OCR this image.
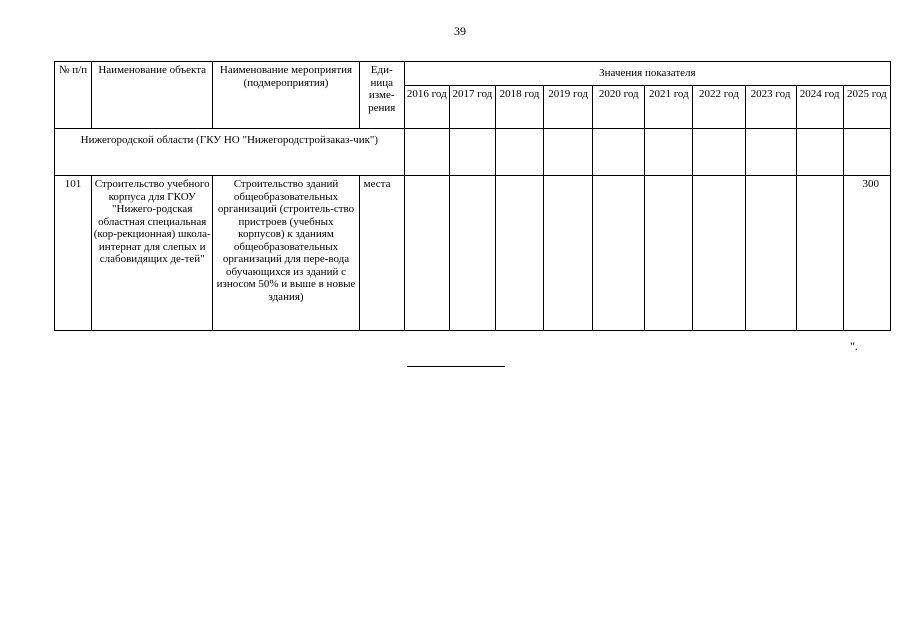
39
№ п/п	Наименование объекта	Наименование мероприятия (подмероприятия)	Еди-ница изме-рения	Значения показателя									
				2016 год	2017 год	2018 год	2019 год	2020 год	2021 год	2022 год	2023 год	2024 год	2025 год
Нижегородской области (ГКУ НО "Нижегородстройзаказ-чик")													
101	Строительство учебного корпуса для ГКОУ "Нижего-родская областная специальная (кор-рекционная) школа-интернат для слепых и слабовидящих де-тей"	Строительство зданий общеобразовательных организаций (строитель-ство пристроев (учебных корпусов) к зданиям общеобразовательных организаций для пере-вода обучающихся из зданий с износом 50% и выше в новые здания)	места										300
".
